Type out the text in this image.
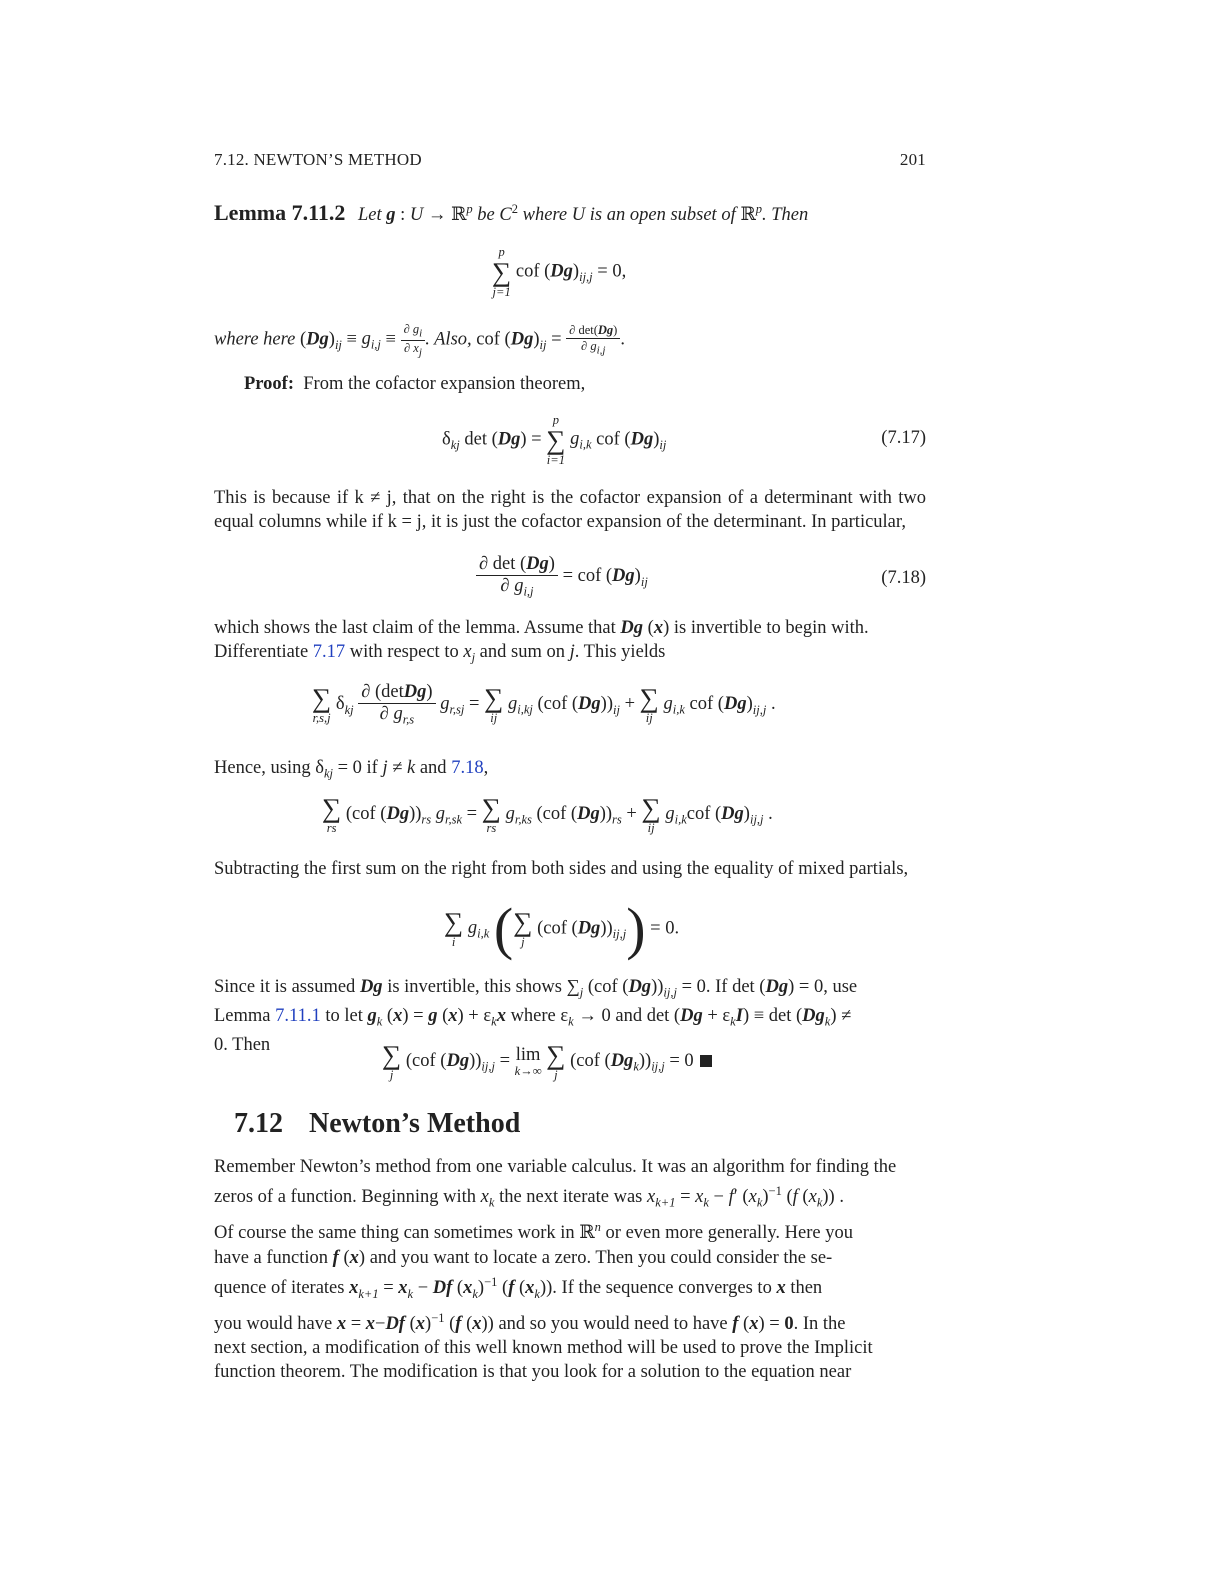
7.12. NEWTON’S METHOD	201
Lemma 7.11.2 Let g : U → ℝ$^p$ be $C^2$ where U is an open subset of ℝ$^p$. Then
p
∑
j=1
cof $(Dg)_{ij,j} = 0$,
where here $(Dg)_{ij} \equiv g_{i,j} \equiv \frac{\partial g_i}{\partial x_j}$ . Also, cof $(Dg)_{ij} = \frac{\partial \det(Dg)}{\partial g_{i,j}}$ .
Proof: From the cofactor expansion theorem,
$\delta_{kj}$ det (Dg) =
p
∑
i=1
$g_{i,k}$ cof $(Dg)_{ij}$	(7.17)
This is because if k ≠ j, that on the right is the cofactor expansion of a determinant with two equal columns while if k = j, it is just the cofactor expansion of the determinant. In particular,
$\frac{\partial \det (Dg)}{\partial g_{i,j}}$ = cof $(Dg)_{ij}$	(7.18)
which shows the last claim of the lemma. Assume that Dg (x) is invertible to begin with.
Differentiate 7.17 with respect to $x_j$ and sum on j. This yields
∑
r,s,j
$\delta_{kj} \frac{\text{∂ (detDg)}}{\partial g_{r,s}} g_{r,sj}$ = ∑
ij
$g_{i,kj}$ (cof $(Dg))_{ij}$ + ∑
ij
$g_{i,k}$ cof $(Dg)_{ij,j}$ .
Hence, using $\delta_{kj} = 0$ if j ≠ k and 7.18,
∑
rs
(cof $(Dg))_{rs}$ $g_{r,sk}$ = ∑
rs
$g_{r,ks}$ (cof $(Dg))_{rs}$ + ∑
ij
$g_{i,k}cof$ $(Dg)_{ij,j}$ .
Subtracting the first sum on the right from both sides and using the equality of mixed partials,
∑
i
$g_{i,k}$ (∑
j
(cof $(Dg))_{ij,j}) = 0$.
Since it is assumed Dg is invertible, this shows $\sum_j$ (cof $(Dg))_{ij,j} = 0$. If det (Dg) = 0, use
Lemma 7.11.1 to let $g_k$ (x) = g $(x) + \varepsilon_kx$ where $\varepsilon_k \to 0$ and $\det (Dg + \varepsilon_kI) \equiv \det (Dg_k)$ ≠
0. Then	∑
j
(cof $(Dg))_{ij,j} = \lim$
k→∞
∑
j
(cof $(Dg_k))_{ij,j} = 0$
7.12 Newton’s Method
Remember Newton’s method from one variable calculus. It was an algorithm for finding the
zeros of a function. Beginning with $x_k$ the next iterate was $x_{k+1} = x_k - f'$ $(x_k)^{-1}$ (f $(x_k)$) .
Of course the same thing can sometimes work in ℝ$^n$ or even more generally. Here you
have a function f (x) and you want to locate a zero. Then you could consider the se-
quence of iterates $x_{k+1} = x_k - Df$ $(x_k)^{-1}$ (f $(x_k)$). If the sequence converges to x then
you would have x = x−Df $(x)^{-1}$ (f (x)) and so you would need to have f (x) = 0. In the
next section, a modification of this well known method will be used to prove the Implicit
function theorem. The modification is that you look for a solution to the equation near
